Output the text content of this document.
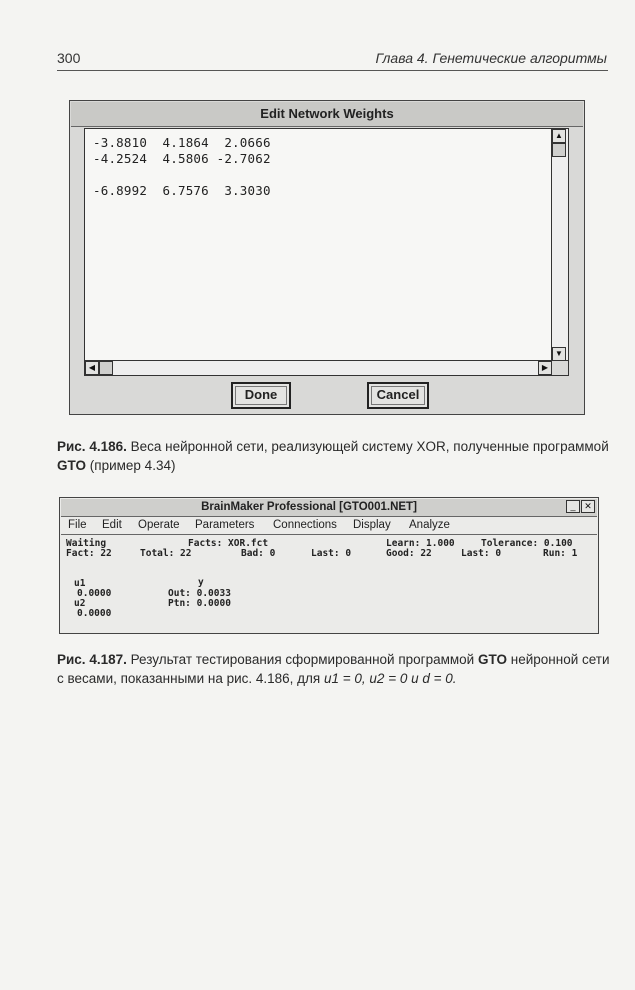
300	Глава 4. Генетические алгоритмы
Edit Network Weights
-3.8810  4.1864  2.0666
-4.2524  4.5806 -2.7062
-6.8992  6.7576  3.3030
▲
▼
◀	▶
Done	Cancel
Рис. 4.186. Веса нейронной сети, реализующей систему XOR, полученные программой
GTO (пример 4.34)
BrainMaker Professional [GTO001.NET]	_ ✕
File Edit Operate Parameters Connections Display Analyze
Waiting	Facts: XOR.fct	Learn: 1.000	Tolerance: 0.100
Fact: 22	Total: 22	Bad: 0	Last: 0	Good: 22	Last: 0	Run: 1
u1
0.0000
u2
0.0000
y
Out: 0.0033
Ptn: 0.0000
Рис. 4.187. Результат тестирования сформированной программой GTO нейронной сети с весами, показанными на рис. 4.186, для u1 = 0, u2 = 0 и d = 0.
